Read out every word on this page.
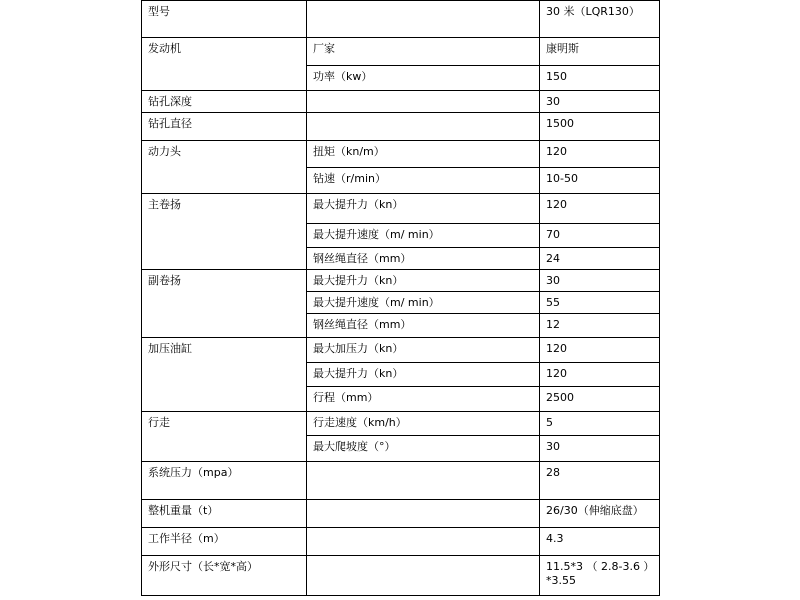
型号		30 米（LQR130）
发动机	厂家	康明斯
	功率（kw）	150
钻孔深度		30
钻孔直径		1500
动力头	扭矩（kn/m）	120
	钻速（r/min）	10-50
主卷扬	最大提升力（kn）	120
	最大提升速度（m/ min）	70
	钢丝绳直径（mm）	24
副卷扬	最大提升力（kn）	30
	最大提升速度（m/ min）	55
	钢丝绳直径（mm）	12
加压油缸	最大加压力（kn）	120
	最大提升力（kn）	120
	行程（mm）	2500
行走	行走速度（km/h）	5
	最大爬坡度（°）	30
系统压力（mpa）		28
整机重量（t）		26/30（伸缩底盘）
工作半径（m）		4.3
外形尺寸（长*宽*高）		11.5*3 （ 2.8-3.6 ）*3.55
